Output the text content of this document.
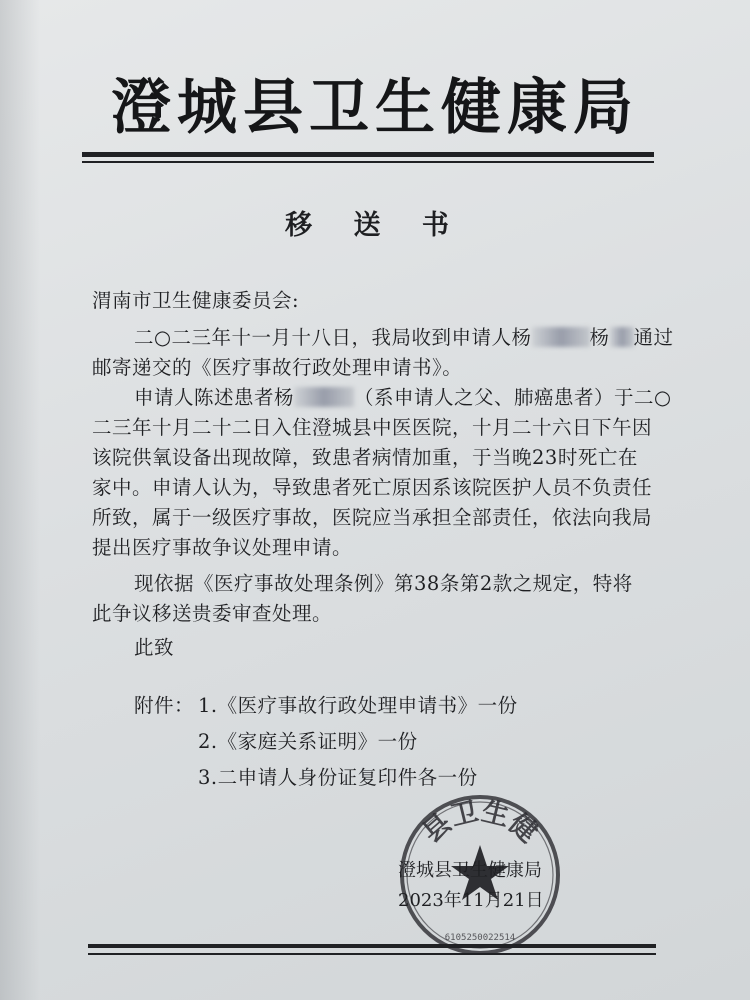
澄城县卫生健康局
移 送 书
渭南市卫生健康委员会:
二○二三年十一月十八日，我局收到申请人杨	杨 通过
邮寄递交的《医疗事故行政处理申请书》。
申请人陈述患者杨	（系申请人之父、肺癌患者）于二○
二三年十月二十二日入住澄城县中医医院，十月二十六日下午因
该院供氧设备出现故障，致患者病情加重，于当晚23时死亡在
家中。申请人认为，导致患者死亡原因系该院医护人员不负责任
所致，属于一级医疗事故，医院应当承担全部责任，依法向我局
提出医疗事故争议处理申请。
现依据《医疗事故处理条例》第38条第2款之规定，特将
此争议移送贵委审查处理。
此致
附件： 1.《医疗事故行政处理申请书》一份
2.《家庭关系证明》一份
3.二申请人身份证复印件各一份
县卫生健
6105250022514
澄城县卫生健康局
2023年11月21日
